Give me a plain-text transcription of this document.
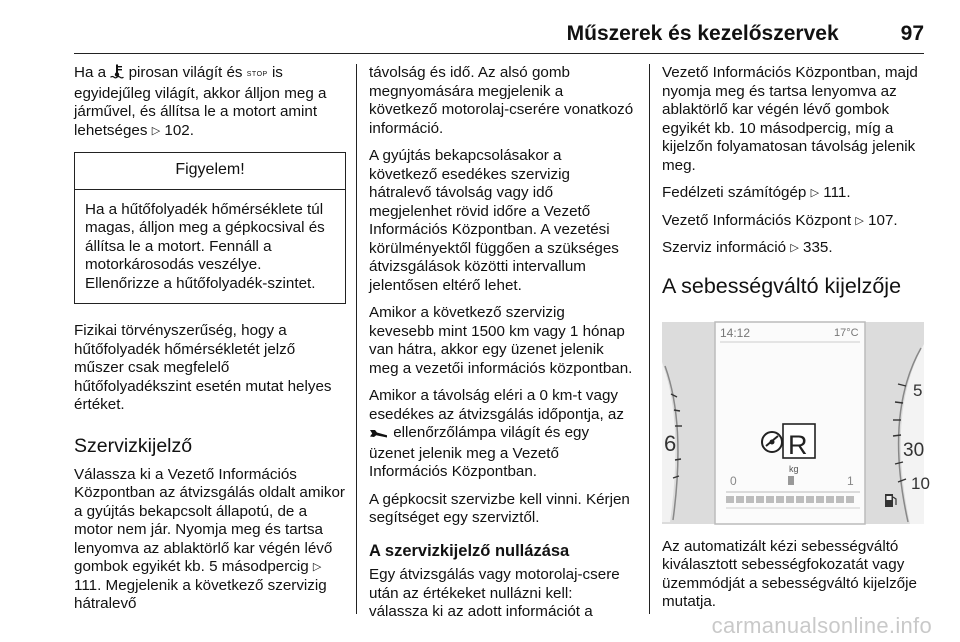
Műszerek és kezelőszervek	97

Ha a pirosan világít és STOP is egyidejűleg világít, akkor álljon meg a járművel, és állítsa le a motort amint lehetséges ▷ 102.

Figyelem!
Ha a hűtőfolyadék hőmérséklete túl magas, álljon meg a gépkocsival és állítsa le a motort. Fennáll a motorkárosodás veszélye. Ellenőrizze a hűtőfolyadék-szintet.

Fizikai törvényszerűség, hogy a hűtőfolyadék hőmérsékletét jelző műszer csak megfelelő hűtőfolyadékszint esetén mutat helyes értéket.

Szervizkijelző

Válassza ki a Vezető Információs Központban az átvizsgálás oldalt amikor a gyújtás bekapcsolt állapotú, de a motor nem jár. Nyomja meg és tartsa lenyomva az ablaktörlő kar végén lévő gombok egyikét kb. 5 másodpercig ▷ 111. Megjelenik a következő szervizig hátralevő

távolság és idő. Az alsó gomb megnyomására megjelenik a következő motorolaj-cserére vonatkozó információ.

A gyújtás bekapcsolásakor a következő esedékes szervizig hátralevő távolság vagy idő megjelenhet rövid időre a Vezető Információs Központban. A vezetési körülményektől függően a szükséges átvizsgálások közötti intervallum jelentősen eltérő lehet.

Amikor a következő szervizig kevesebb mint 1500 km vagy 1 hónap van hátra, akkor egy üzenet jelenik meg a vezetői információs központban.

Amikor a távolság eléri a 0 km-t vagy esedékes az átvizsgálás időpontja, az  ellenőrzőlámpa világít és egy üzenet jelenik meg a Vezető Információs Központban.

A gépkocsit szervizbe kell vinni. Kérjen segítséget egy szerviztől.

A szervizkijelző nullázása

Egy átvizsgálás vagy motorolaj-csere után az értékeket nullázni kell: válassza ki az adott információt a

Vezető Információs Központban, majd nyomja meg és tartsa lenyomva az ablaktörlő kar végén lévő gombok egyikét kb. 10 másodpercig, míg a kijelzőn folyamatosan távolság jelenik meg.

Fedélzeti számítógép ▷ 111.

Vezető Információs Központ ▷ 107.

Szerviz információ ▷ 335.

A sebességváltó kijelzője
6
5
30
10
14:12	17°C
R
kg
0	1

Az automatizált kézi sebességváltó kiválasztott sebességfokozatát vagy üzemmódját a sebességváltó kijelzője mutatja.

carmanualsonline.info
